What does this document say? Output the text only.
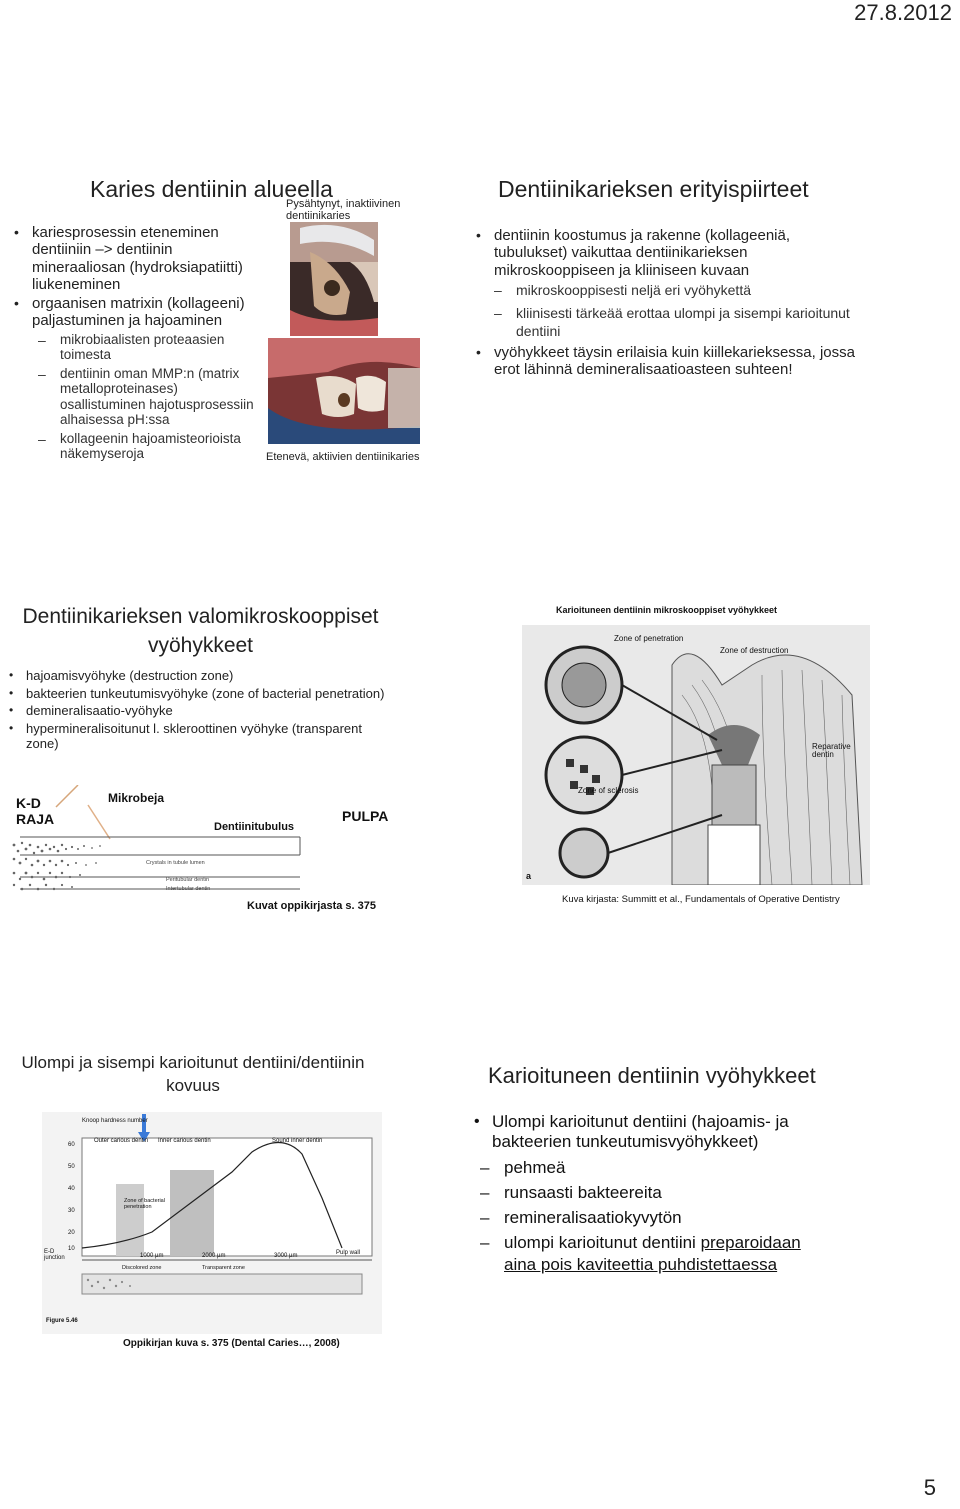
27.8.2012
Karies dentiinin alueella
• kariesprosessin eteneminen dentiiniin –> dentiinin mineraaliosan (hydroksiapatiitti) liukeneminen
• orgaanisen matrixin (kollageeni) paljastuminen ja hajoaminen
– mikrobiaalisten proteaasien toimesta
– dentiinin oman MMP:n (matrix metalloproteinases) osallistuminen hajotusprosessiin alhaisessa pH:ssa
– kollageenin hajoamisteorioista näkemyseroja
Pysähtynyt, inaktiivinen dentiinikaries
Etenevä, aktiivien dentiinikaries
Dentiinikarieksen erityispiirteet
• dentiinin koostumus ja rakenne (kollageeniä, tubulukset) vaikuttaa dentiinikarieksen mikroskooppiseen ja kliiniseen kuvaan
– mikroskooppisesti neljä eri vyöhykettä
– kliinisesti tärkeää erottaa ulompi ja sisempi karioitunut dentiini
• vyöhykkeet täysin erilaisia kuin kiillekarieksessa, jossa erot lähinnä demineralisaatioasteen suhteen!
Dentiinikarieksen valomikroskooppiset vyöhykkeet
• hajoamisvyöhyke (destruction zone)
• bakteerien tunkeutumisvyöhyke (zone of bacterial penetration)
• demineralisaatio-vyöhyke
• hypermineralisoitunut l. skleroottinen vyöhyke (transparent zone)
K-D RAJA
Mikrobeja
Dentiinitubulus
PULPA
Crystals in tubule lumen
Peritubular dentin
Intertubular dentin
Kuvat oppikirjasta s. 375
Karioituneen dentiinin mikroskooppiset vyöhykkeet
Zone of penetration
Zone of destruction
Reparative dentin
Zone of sclerosis
a
Kuva kirjasta: Summitt et al., Fundamentals of Operative Dentistry
Ulompi ja sisempi karioitunut dentiini/dentiinin kovuus
Knoop hardness number
Outer carious dentin Inner carious dentin	Sound inner dentin
Zone of bacterial penetration
E-D junction
Pulp wall
Discolored zone	Transparent zone
Figure 5.46
60
50
40
30
20
10
1000 µm	2000 µm	3000 µm
Oppikirjan kuva s. 375 (Dental Caries…, 2008)
Karioituneen dentiinin vyöhykkeet
• Ulompi karioitunut dentiini (hajoamis- ja bakteerien tunkeutumisvyöhykkeet)
– pehmeä
– runsaasti bakteereita
– remineralisaatiokyvytön
– ulompi karioitunut dentiini preparoidaan aina pois kaviteettia puhdistettaessa
5
